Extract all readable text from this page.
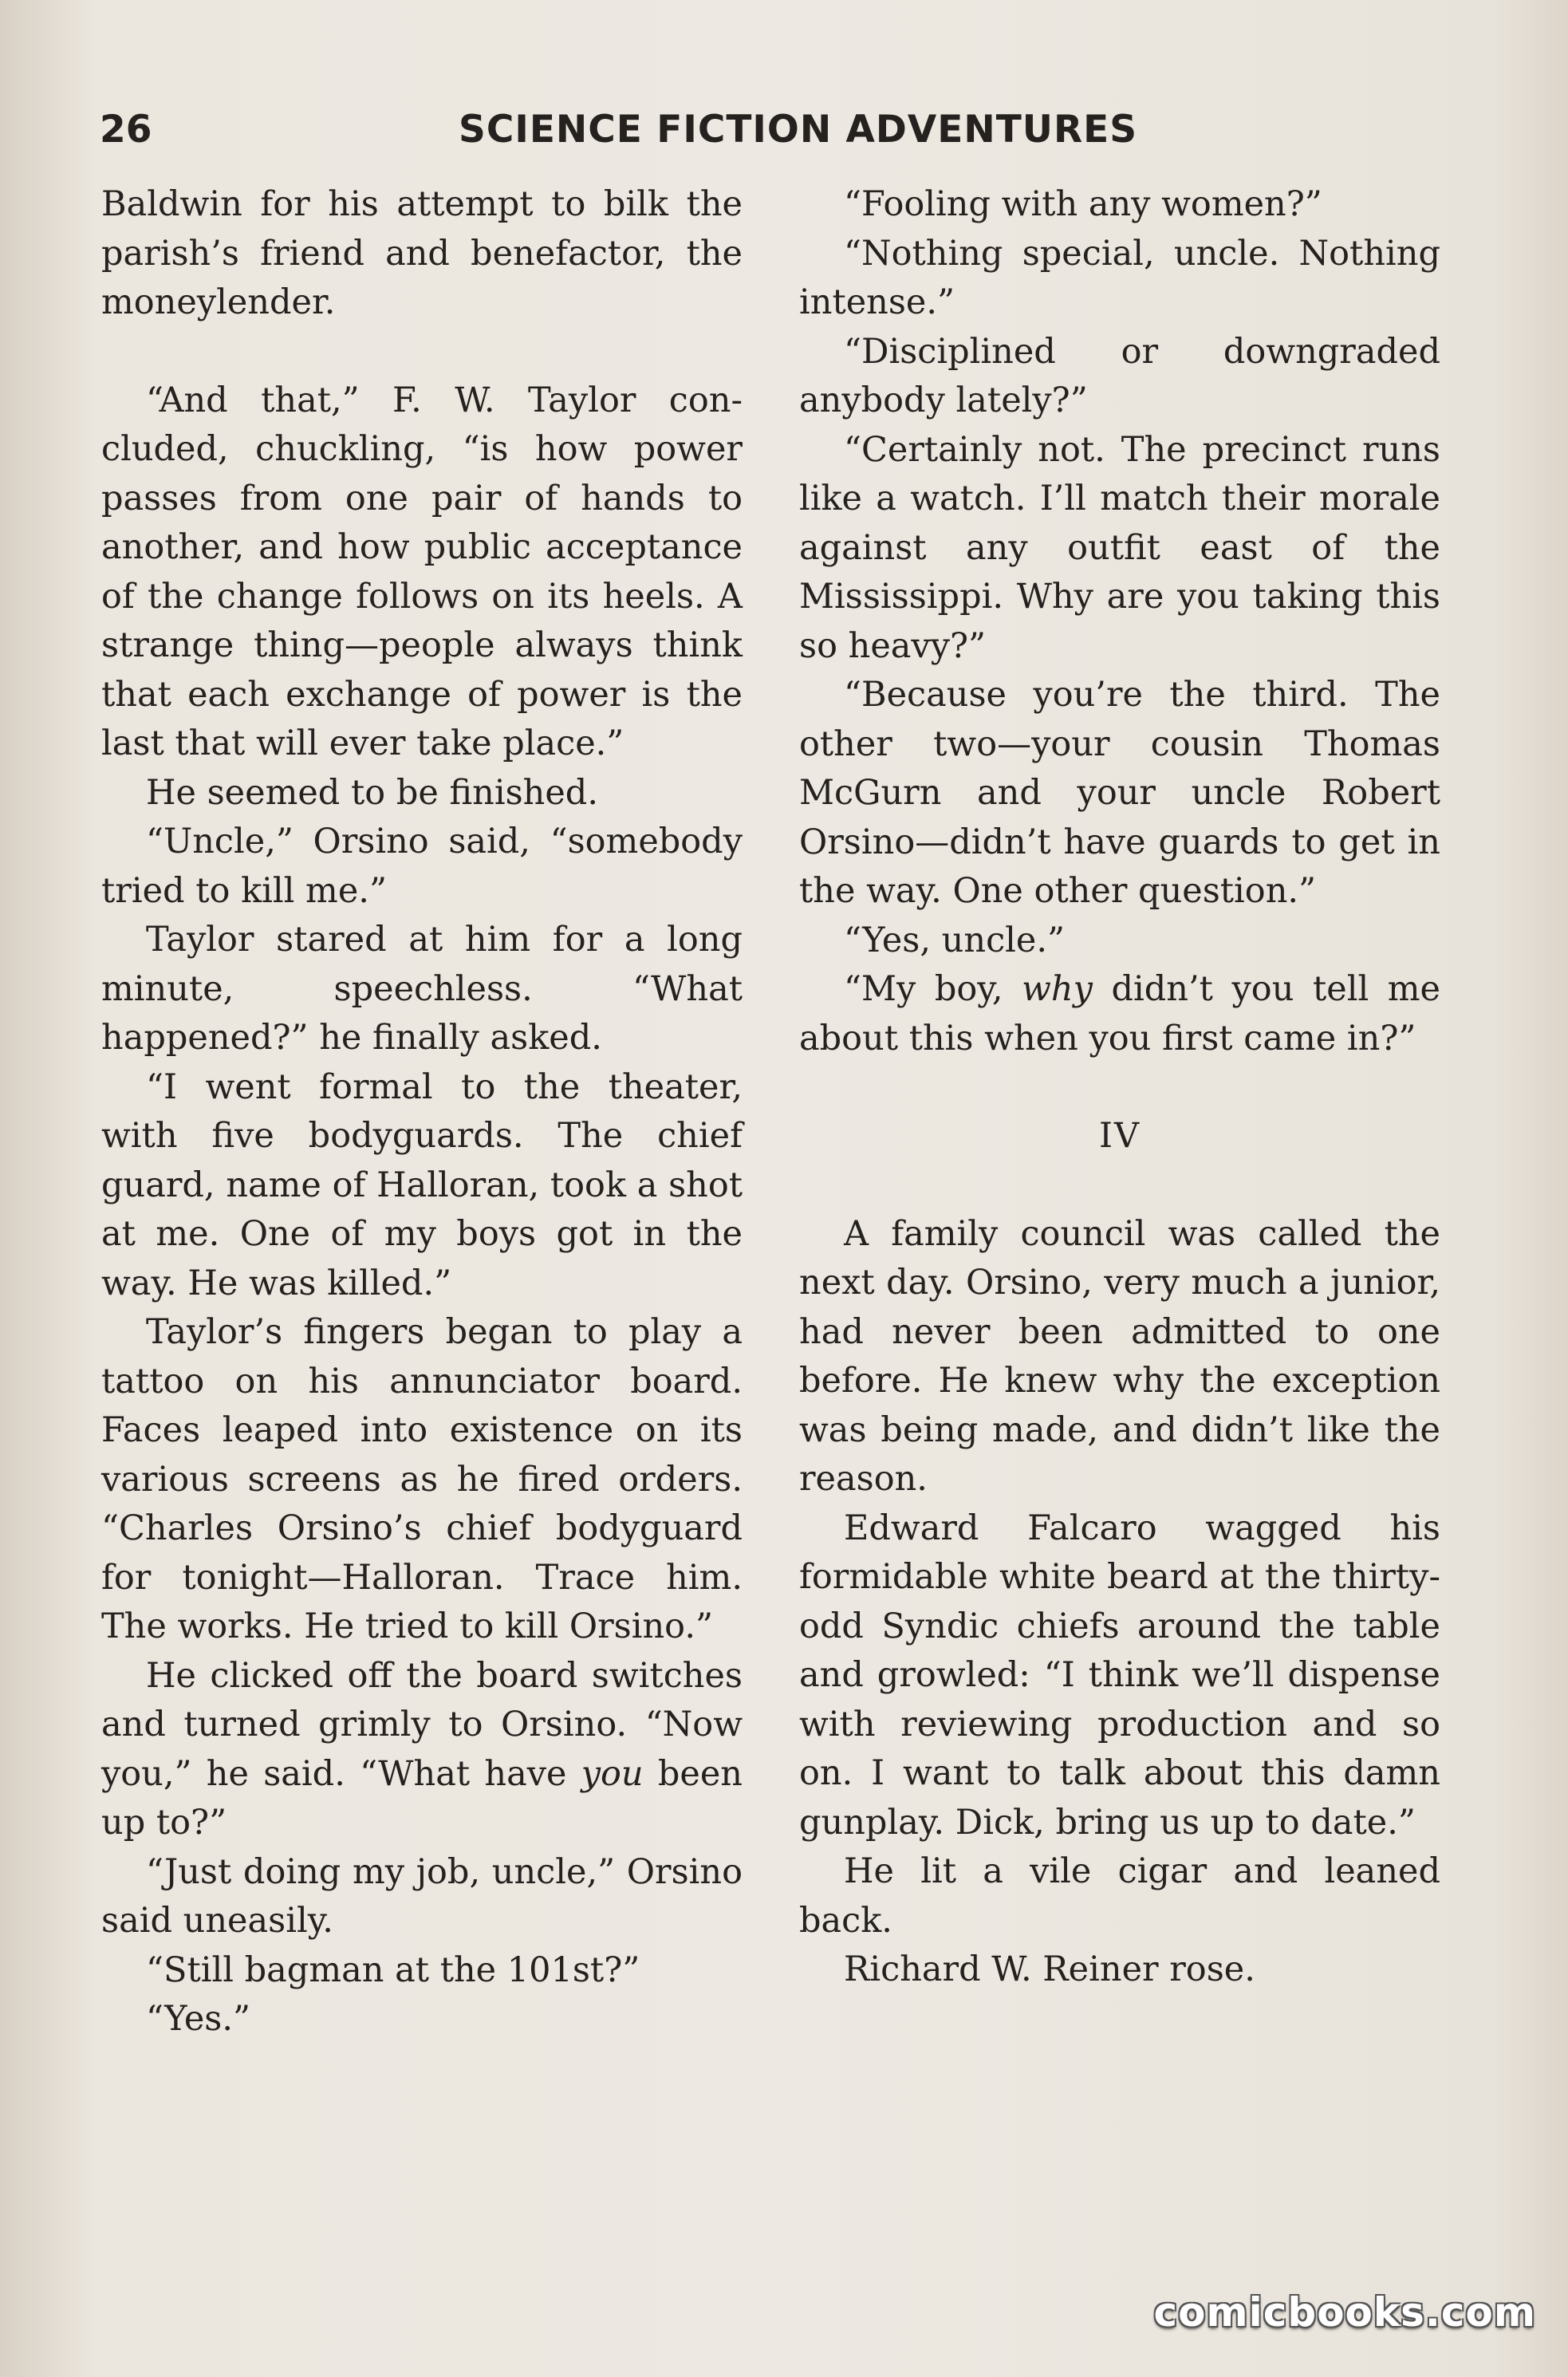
26	SCIENCE FICTION ADVENTURES

Baldwin for his attempt to bilk the parish’s friend and benefactor, the moneylender.

“And that,” F. W. Taylor concluded, chuckling, “is how power passes from one pair of hands to another, and how public acceptance of the change follows on its heels. A strange thing—people always think that each exchange of power is the last that will ever take place.”

He seemed to be finished.

“Uncle,” Orsino said, “somebody tried to kill me.”

Taylor stared at him for a long minute, speechless. “What happened?” he finally asked.

“I went formal to the theater, with five bodyguards. The chief guard, name of Halloran, took a shot at me. One of my boys got in the way. He was killed.”

Taylor’s fingers began to play a tattoo on his annunciator board. Faces leaped into existence on its various screens as he fired orders. “Charles Orsino’s chief bodyguard for tonight—Halloran. Trace him. The works. He tried to kill Orsino.”

He clicked off the board switches and turned grimly to Orsino. “Now you,” he said. “What have you been up to?”

“Just doing my job, uncle,” Orsino said uneasily.

“Still bagman at the 101st?”

“Yes.”

“Fooling with any women?”

“Nothing special, uncle. Nothing intense.”

“Disciplined or downgraded anybody lately?”

“Certainly not. The precinct runs like a watch. I’ll match their morale against any outfit east of the Mississippi. Why are you taking this so heavy?”

“Because you’re the third. The other two—your cousin Thomas McGurn and your uncle Robert Orsino—didn’t have guards to get in the way. One other question.”

“Yes, uncle.”

“My boy, why didn’t you tell me about this when you first came in?”

IV

A family council was called the next day. Orsino, very much a junior, had never been admitted to one before. He knew why the exception was being made, and didn’t like the reason.

Edward Falcaro wagged his formidable white beard at the thirty-odd Syndic chiefs around the table and growled: “I think we’ll dispense with reviewing production and so on. I want to talk about this damn gunplay. Dick, bring us up to date.”

He lit a vile cigar and leaned back.

Richard W. Reiner rose.

comicbooks.com
